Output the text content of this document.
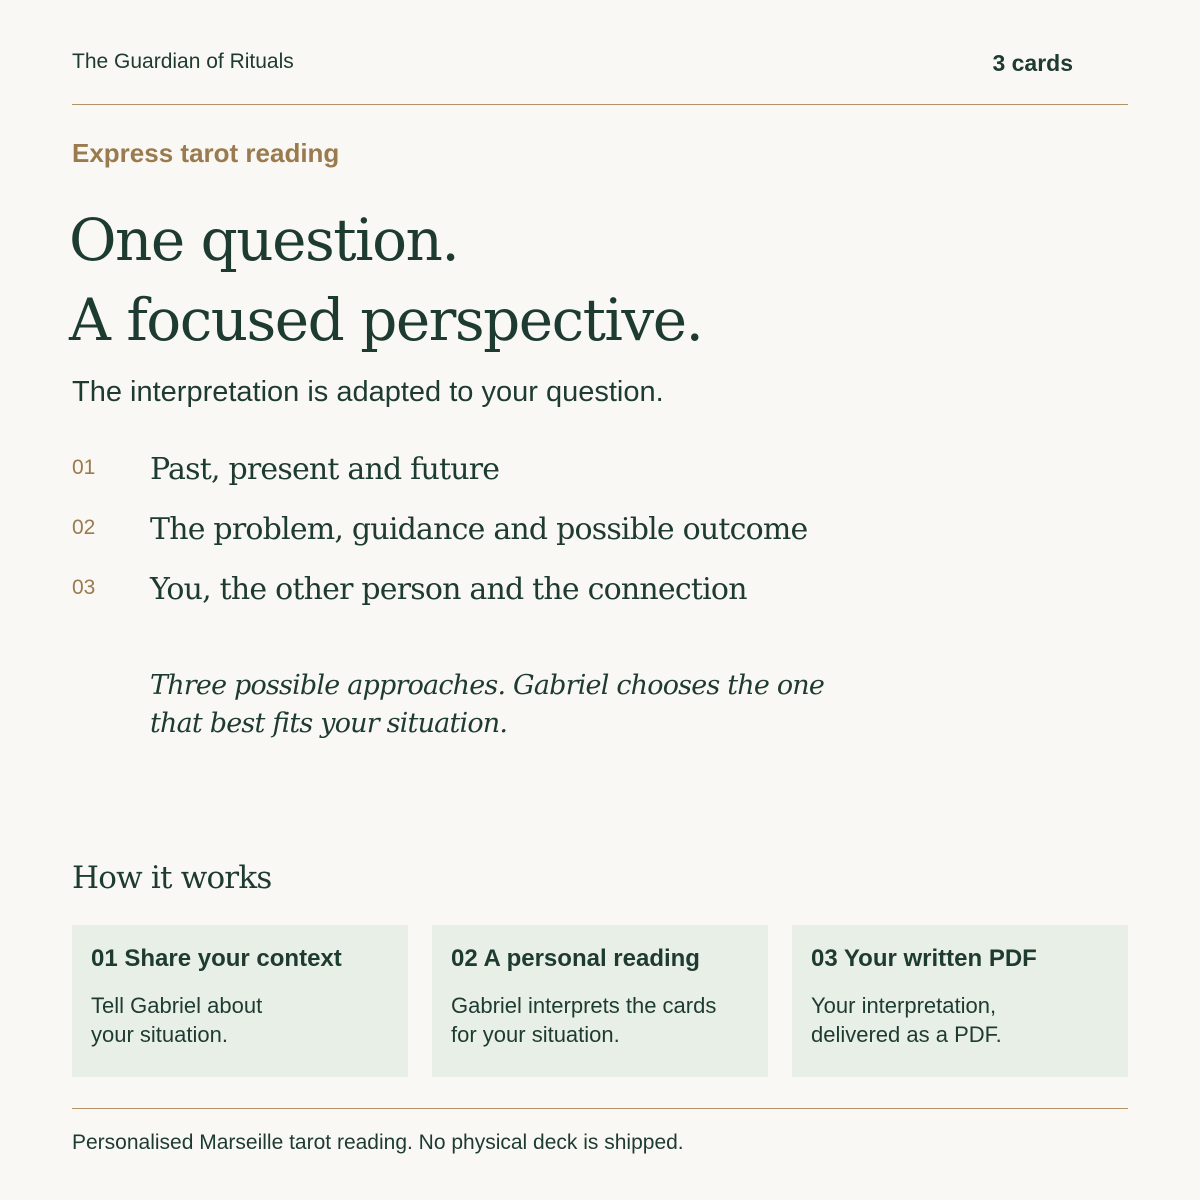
The Guardian of Rituals	3 cards
Express tarot reading
One question.
A focused perspective.
The interpretation is adapted to your question.
01 Past, present and future
02 The problem, guidance and possible outcome
03 You, the other person and the connection
Three possible approaches. Gabriel chooses the one
that best fits your situation.
How it works
01 Share your context
Tell Gabriel about
your situation.
02 A personal reading
Gabriel interprets the cards
for your situation.
03 Your written PDF
Your interpretation,
delivered as a PDF.
Personalised Marseille tarot reading. No physical deck is shipped.
